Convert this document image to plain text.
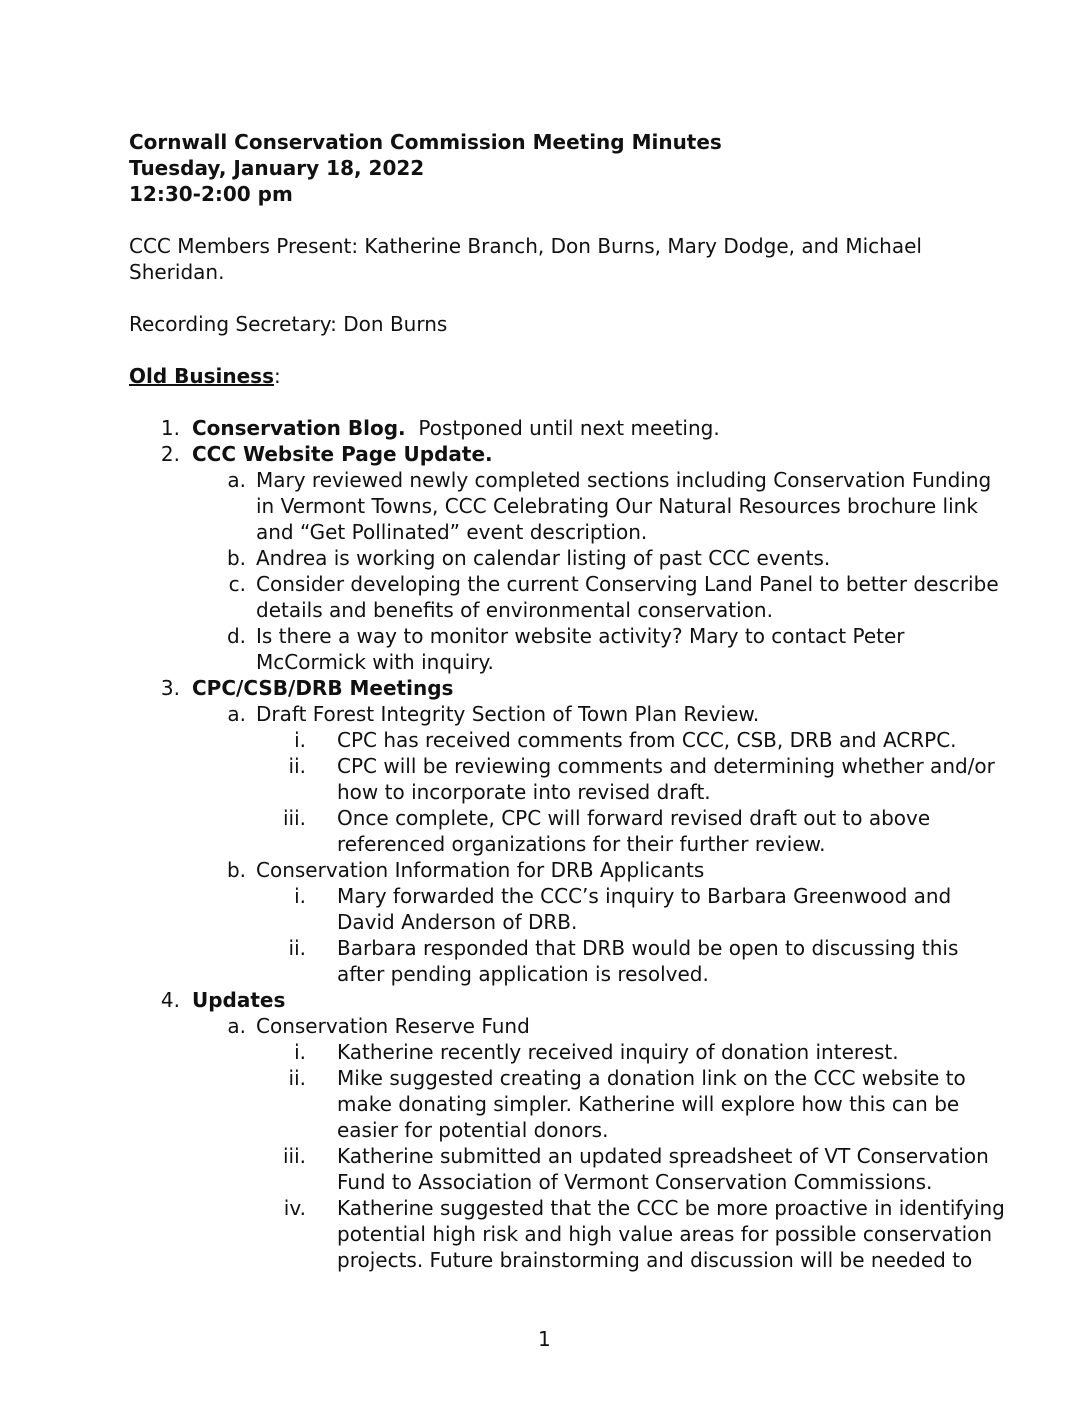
Cornwall Conservation Commission Meeting Minutes
Tuesday, January 18, 2022
12:30-2:00 pm
CCC Members Present: Katherine Branch, Don Burns, Mary Dodge, and Michael
Sheridan.
Recording Secretary: Don Burns
Old Business:
1. Conservation Blog.  Postponed until next meeting.
2. CCC Website Page Update.
a. Mary reviewed newly completed sections including Conservation Funding
in Vermont Towns, CCC Celebrating Our Natural Resources brochure link
and “Get Pollinated” event description.
b. Andrea is working on calendar listing of past CCC events.
c. Consider developing the current Conserving Land Panel to better describe
details and benefits of environmental conservation.
d. Is there a way to monitor website activity? Mary to contact Peter
McCormick with inquiry.
3. CPC/CSB/DRB Meetings
a. Draft Forest Integrity Section of Town Plan Review.
i. CPC has received comments from CCC, CSB, DRB and ACRPC.
ii. CPC will be reviewing comments and determining whether and/or
how to incorporate into revised draft.
iii. Once complete, CPC will forward revised draft out to above
referenced organizations for their further review.
b. Conservation Information for DRB Applicants
i. Mary forwarded the CCC’s inquiry to Barbara Greenwood and
David Anderson of DRB.
ii. Barbara responded that DRB would be open to discussing this
after pending application is resolved.
4. Updates
a. Conservation Reserve Fund
i. Katherine recently received inquiry of donation interest.
ii. Mike suggested creating a donation link on the CCC website to
make donating simpler. Katherine will explore how this can be
easier for potential donors.
iii. Katherine submitted an updated spreadsheet of VT Conservation
Fund to Association of Vermont Conservation Commissions.
iv. Katherine suggested that the CCC be more proactive in identifying
potential high risk and high value areas for possible conservation
projects. Future brainstorming and discussion will be needed to
1
